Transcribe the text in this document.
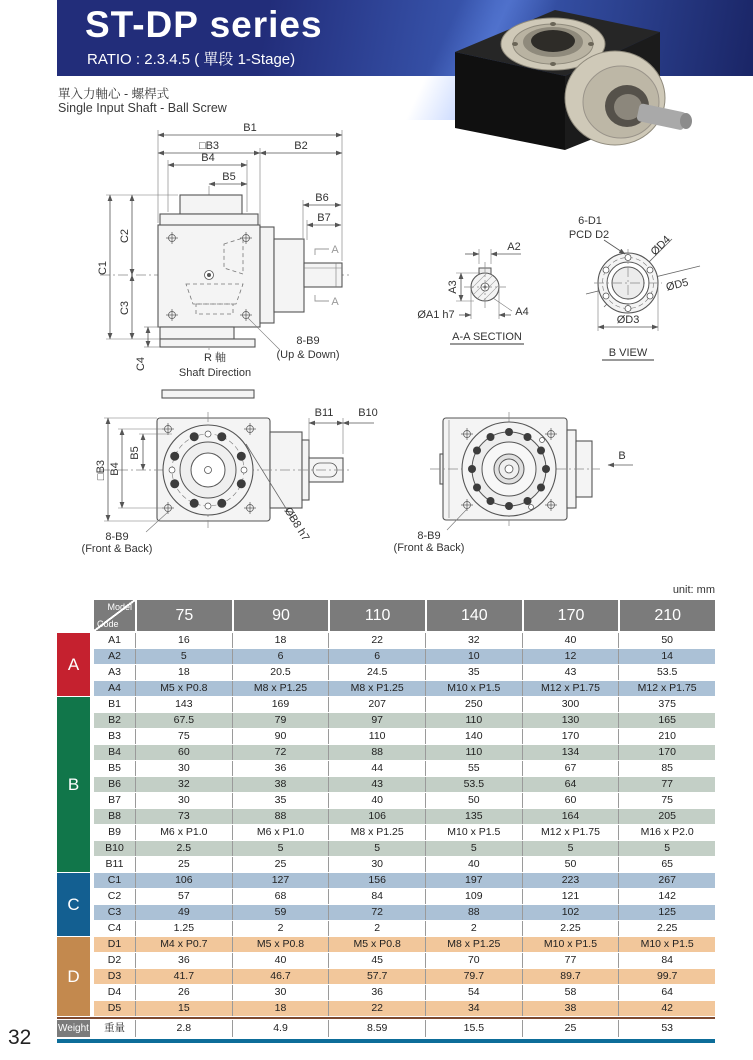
ST-DP series
RATIO : 2.3.4.5 ( 單段 1-Stage)
單入力軸心 - 螺桿式
Single Input Shaft - Ball Screw
B1
□B3	B2
B4
B5
B6
B7
C1
C2
C3
C4
A
A
8-B9
(Up & Down)
R 軸
Shaft Direction
A2
A3
ØA1 h7	A4
A-A SECTION
6-D1
PCD D2	ØD4
ØD5
ØD3
B VIEW
B11 B10
□B3 B4
B5
ØB8 h7
8-B9
(Front & Back)
B
8-B9
(Front & Back)
unit: mm
Model
Code	75	90	110	140	170	210
A
A1	16	18	22	32	40	50
A2	5	6	6	10	12	14
A3	18	20.5	24.5	35	43	53.5
A4	M5 x P0.8	M8 x P1.25	M8 x P1.25	M10 x P1.5	M12 x P1.75	M12 x P1.75
B
B1	143	169	207	250	300	375
B2	67.5	79	97	110	130	165
B3	75	90	110	140	170	210
B4	60	72	88	110	134	170
B5	30	36	44	55	67	85
B6	32	38	43	53.5	64	77
B7	30	35	40	50	60	75
B8	73	88	106	135	164	205
B9	M6 x P1.0	M6 x P1.0	M8 x P1.25	M10 x P1.5	M12 x P1.75	M16 x P2.0
B10	2.5	5	5	5	5	5
B11	25	25	30	40	50	65
C
C1	106	127	156	197	223	267
C2	57	68	84	109	121	142
C3	49	59	72	88	102	125
C4	1.25	2	2	2	2.25	2.25
D
D1	M4 x P0.7	M5 x P0.8	M5 x P0.8	M8 x P1.25	M10 x P1.5	M10 x P1.5
D2	36	40	45	70	77	84
D3	41.7	46.7	57.7	79.7	89.7	99.7
D4	26	30	36	54	58	64
D5	15	18	22	34	38	42
Weight	重量	2.8	4.9	8.59	15.5	25	53
32
